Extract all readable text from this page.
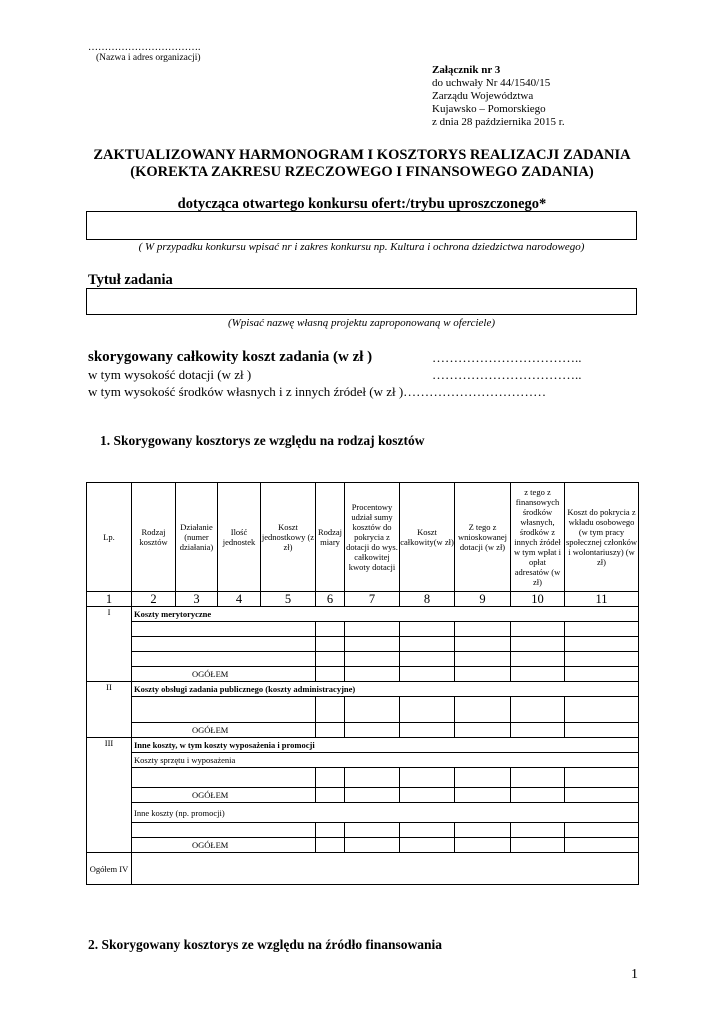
…………………………….
(Nazwa i adres organizacji)
Załącznik nr 3
do uchwały Nr 44/1540/15
Zarządu Województwa
Kujawsko – Pomorskiego
z dnia 28 października 2015 r.
ZAKTUALIZOWANY HARMONOGRAM I KOSZTORYS REALIZACJI ZADANIA
(KOREKTA ZAKRESU RZECZOWEGO I FINANSOWEGO ZADANIA)
dotycząca otwartego konkursu ofert:/trybu uproszczonego*
( W przypadku konkursu wpisać nr i zakres konkursu np. Kultura i ochrona dziedzictwa narodowego)
Tytuł zadania
(Wpisać nazwę własną projektu zaproponowaną w oferciele)
skorygowany całkowity koszt zadania (w zł )	……………………………..
w tym wysokość dotacji (w zł )	……………………………..
w tym wysokość środków własnych i z innych źródeł (w zł )……………………………
1. Skorygowany kosztorys ze względu na rodzaj kosztów
Lp.	Rodzaj kosztów	Działanie (numer działania)	Ilość jednostek	Koszt jednostkowy (z zł)	Rodzaj miary	Procentowy udział sumy kosztów do pokrycia z dotacji do wys. całkowitej kwoty dotacji	Koszt całkowity(w zł)	Z tego z wnioskowanej dotacji (w zł)	z tego z finansowych środków własnych, środków z innych źródeł w tym wpłat i opłat adresatów (w zł)	Koszt do pokrycia z wkładu osobowego (w tym pracy społecznej członków i wolontariuszy) (w zł)
1	2	3	4	5	6	7	8	9	10	11
I	Koszty merytoryczne									

	OGÓŁEM									
II	Koszty obsługi zadania publicznego (koszty administracyjne)									

	OGÓŁEM									
III	Inne koszty, w tym koszty wyposażenia i promocji									
	Koszty sprzętu i wyposażenia									

	OGÓŁEM									
	Inne koszty (np. promocji)									

	OGÓŁEM									
Ogółem IV										
2. Skorygowany kosztorys ze względu na źródło finansowania
1
